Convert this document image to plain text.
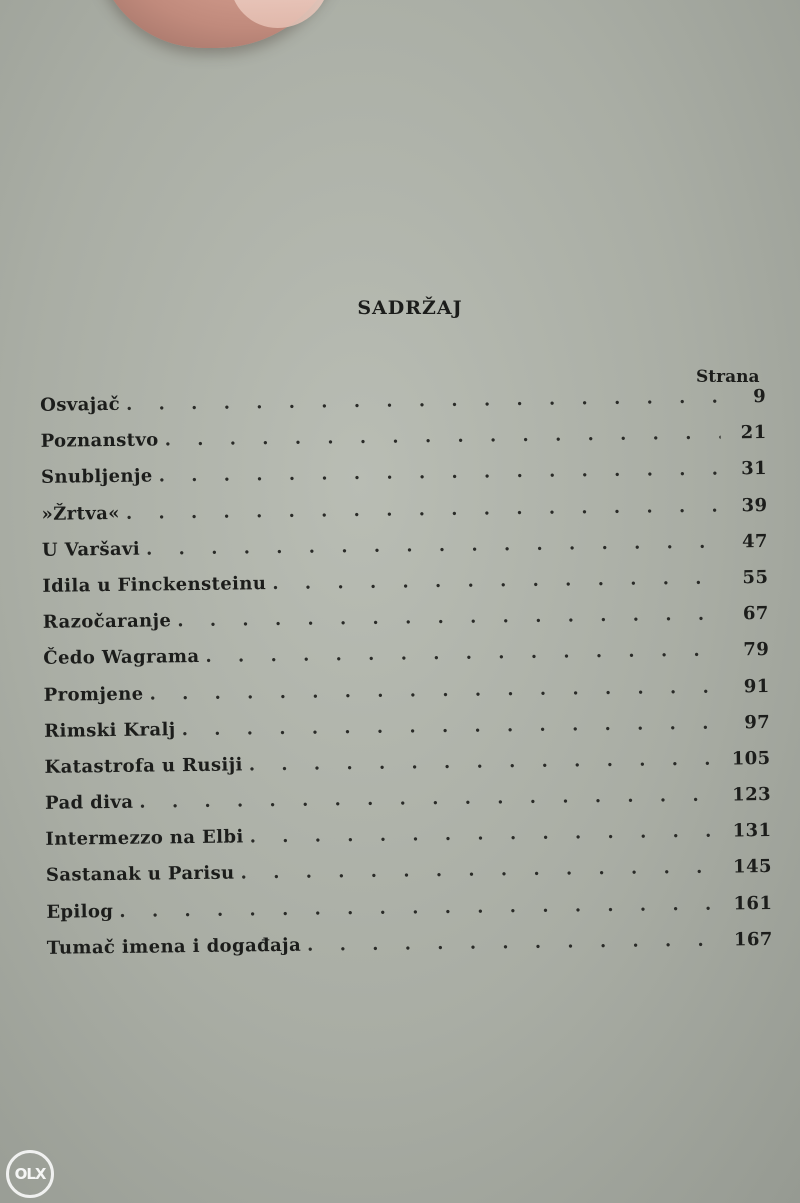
SADRŽAJ
Strana
Osvajač . . .	9
Poznanstvo . . .	21
Snubljenje . . .	31
»Žrtva« . . .	39
U Varšavi . . .	47
Idila u Finckensteinu . . .	55
Razočaranje . . .	67
Čedo Wagrama . . .	79
Promjene . . .	91
Rimski Kralj . . .	97
Katastrofa u Rusiji . . .	105
Pad diva . . .	123
Intermezzo na Elbi . . .	131
Sastanak u Parisu . . .	145
Epilog . . .	161
Tumač imena i događaja . . .	167
OLX
